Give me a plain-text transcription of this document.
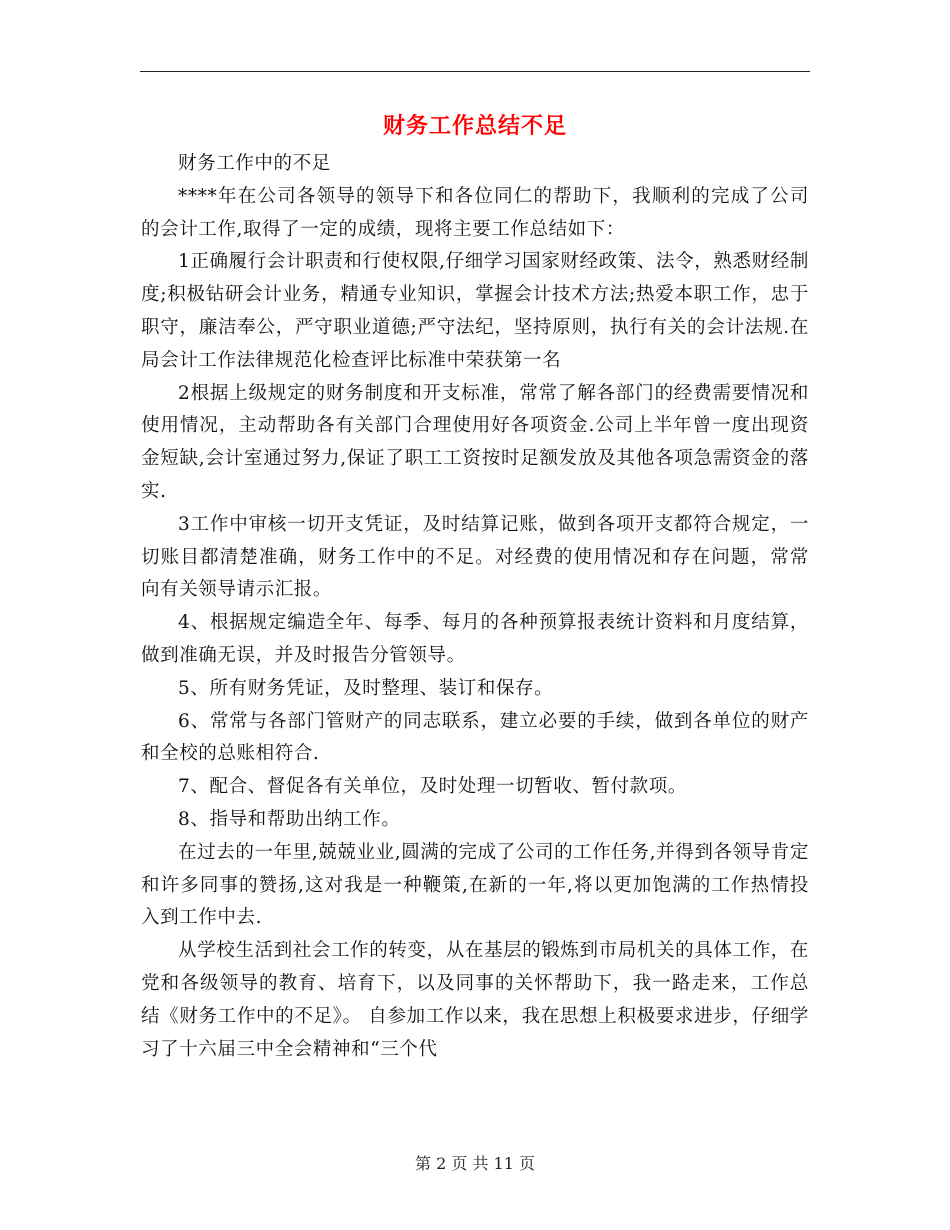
财务工作总结不足

财务工作中的不足

****年在公司各领导的领导下和各位同仁的帮助下，我顺利的完成了公司的会计工作,取得了一定的成绩，现将主要工作总结如下：

1正确履行会计职责和行使权限,仔细学习国家财经政策、法令，熟悉财经制度;积极钻研会计业务，精通专业知识，掌握会计技术方法;热爱本职工作，忠于职守，廉洁奉公，严守职业道德;严守法纪，坚持原则，执行有关的会计法规.在局会计工作法律规范化检查评比标准中荣获第一名

2根据上级规定的财务制度和开支标准，常常了解各部门的经费需要情况和使用情况，主动帮助各有关部门合理使用好各项资金.公司上半年曾一度出现资金短缺,会计室通过努力,保证了职工工资按时足额发放及其他各项急需资金的落实.

3工作中审核一切开支凭证，及时结算记账，做到各项开支都符合规定，一切账目都清楚准确，财务工作中的不足。对经费的使用情况和存在问题，常常向有关领导请示汇报。

4、根据规定编造全年、每季、每月的各种预算报表统计资料和月度结算，做到准确无误，并及时报告分管领导。

5、所有财务凭证，及时整理、装订和保存。

6、常常与各部门管财产的同志联系，建立必要的手续，做到各单位的财产和全校的总账相符合.

7、配合、督促各有关单位，及时处理一切暂收、暂付款项。

8、指导和帮助出纳工作。

在过去的一年里,兢兢业业,圆满的完成了公司的工作任务,并得到各领导肯定和许多同事的赞扬,这对我是一种鞭策,在新的一年,将以更加饱满的工作热情投入到工作中去.

从学校生活到社会工作的转变，从在基层的锻炼到市局机关的具体工作，在党和各级领导的教育、培育下，以及同事的关怀帮助下，我一路走来，工作总结《财务工作中的不足》。 自参加工作以来，我在思想上积极要求进步，仔细学习了十六届三中全会精神和“三个代

第 2 页 共 11 页
